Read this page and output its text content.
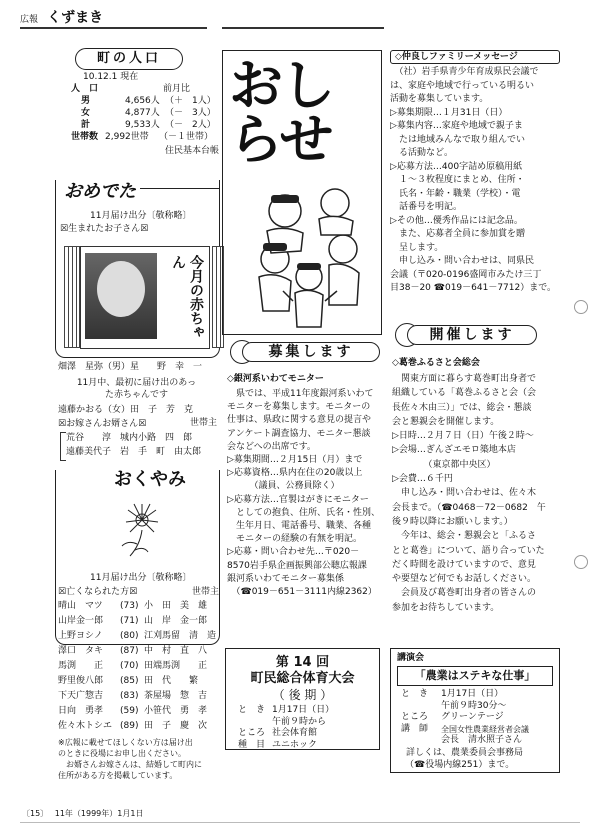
広報 くずまき
町の人口
10.12.1 現在
人　口	前月比
男	4,656人 （＋　1人）
女	4,877人 （－　3人）
計	9,533人 （－　2人）
世帯数 2,992世帯 （－１世帯）
住民基本台帳
おめでた
11月届け出分〔敬称略〕
☒生まれたお子さん☒
今月の赤ちゃん
畑澤　星弥（男）星　　野　幸　一
11月中、最初に届け出のあった赤ちゃんです
遠藤かおる（女）田　子　芳　克
世帯主
☒お嫁さんお婿さん☒
荒谷　　淳　城内小路　四　郎
遠藤美代子　岩　手　町　由太郎
おくやみ
11月届け出分〔敬称略〕
☒亡くなられた方☒	世帯主
晴山　マツ	(73) 小　田　美　雄
山岸金一郎	(71) 山　岸　金一郎
上野ヨシノ	(80) 江刈馬留　清　造
澤口　タキ	(87) 中　村　直　八
馬渕　　正	(70) 田端馬渕　　正
野里俊八郎	(85) 田　代　　繁
下天广惣吉	(83) 茶屋場　惣　吉
日向　勇孝	(59) 小笹代　勇　孝
佐々木トシエ (89) 田　子　慶　次
※広報に載せてほしくない方は届け出
のときに役場にお申し出ください。
　お婿さんお嫁さんは、結婚して町内に
住所がある方を掲載しています。
おしらせ
募集します
◇銀河系いわてモニター
　県では、平成11年度銀河系いわて
モニターを募集します。モニターの
仕事は、県政に関する意見の提言や
アンケート調査協力、モニター懇談
会などへの出席です。
▷募集期間…２月15日（月）まで
▷応募資格…県内在住の20歳以上
　　　（議員、公務員除く）
▷応募方法…官製はがきにモニター
　としての抱負、住所、氏名・性別、
　生年月日、電話番号、職業、各種
　モニターの経験の有無を明記。
▷応募・問い合わせ先…〒020－
8570岩手県企画振興部公聴広報課
銀河系いわてモニター募集係
　（☎019－651－3111内線2362）
第 14 回
町民総合体育大会
（ 後 期 ）
と　き 1月17日（日）
午前９時から
ところ 社会体育館
種　目 ユニホック
◇仲良しファミリーメッセージ
　（社）岩手県青少年育成県民会議で
は、家庭や地域で行っている明るい
活動を募集しています。
▷募集期限…１月31日（日）
▷募集内容…家庭や地域で親子ま
　たは地域みんなで取り組んでい
　る活動など。
▷応募方法…400字詰め原稿用紙
　１～３枚程度にまとめ、住所・
　氏名・年齢・職業（学校）・電
　話番号を明記。
▷その他…優秀作品には記念品。
　また、応募者全員に参加賞を贈
　呈します。
　申し込み・問い合わせは、同県民
会議（〒020-0196盛岡市みたけ三丁
目38－20 ☎019－641－7712）まで。
開催します
◇葛巻ふるさと会総会
　関東方面に暮らす葛巻町出身者で
組織している「葛巻ふるさと会（会
長佐々木由三）」では、総会・懇談
会と懇親会を開催します。
▷日時…２月７日（日）午後２時～
▷会場…ぎんざエモロ築地本店
　　　　（東京都中央区）
▷会費…６千円
　申し込み・問い合わせは、佐々木
会長まで。（☎0468－72－0682　午
後９時以降にお願いします。）
　今年は、総会・懇親会と「ふるさ
とと葛巻」について、語り合っていた
だく時間を設けていますので、意見
や要望など何でもお話しください。
　会員及び葛巻町出身者の皆さんの
参加をお待ちしています。
講演会
「農業はステキな仕事」
と　き	1月17日（日）
午前９時30分～
ところ	グリーンテージ
講　師	全国女性農業経営者会議
会長　清水照子さん
　詳しくは、農業委員会事務局
（☎役場内線251）まで。
〔15〕 11年（1999年）1月1日
